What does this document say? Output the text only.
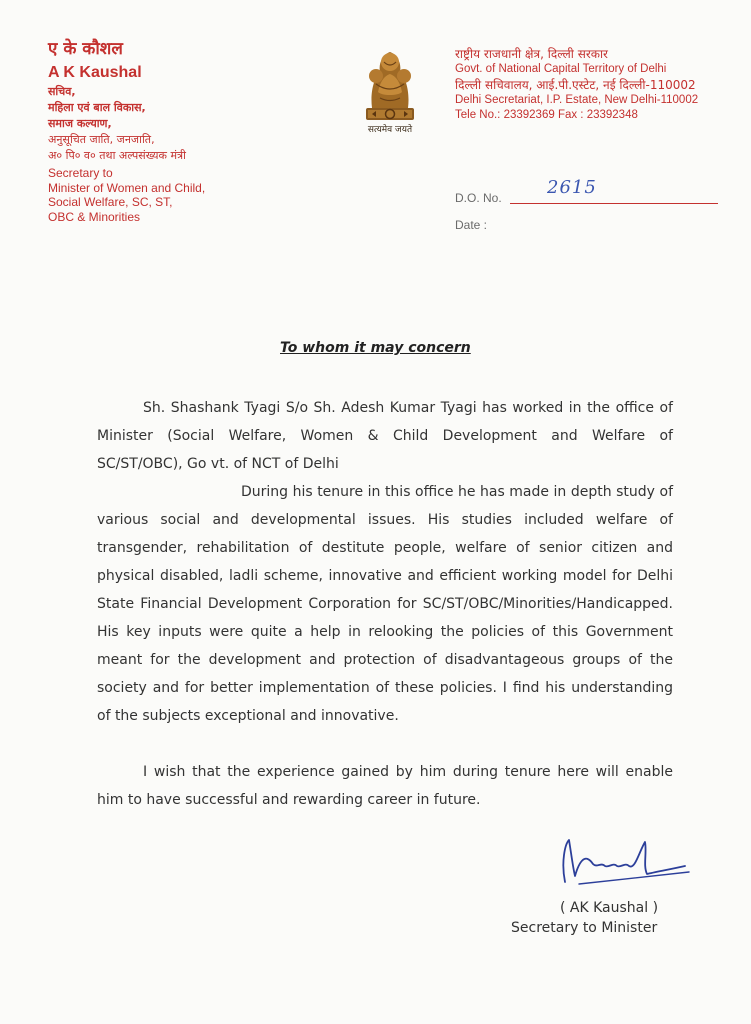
ए के कौशल
A K Kaushal
सचिव,
महिला एवं बाल विकास,
समाज कल्याण,
अनुसूचित जाति, जनजाति,
अ० पि० व० तथा अल्पसंख्यक मंत्री
Secretary to
Minister of Women and Child,
Social Welfare, SC, ST,
OBC & Minorities
सत्यमेव जयते
राष्ट्रीय राजधानी क्षेत्र, दिल्ली सरकार
Govt. of National Capital Territory of Delhi
दिल्ली सचिवालय, आई.पी.एस्टेट, नई दिल्ली-110002
Delhi Secretariat, I.P. Estate, New Delhi-110002
Tele No.: 23392369 Fax : 23392348
D.O. No.	2615
Date :
To whom it may concern

Sh. Shashank Tyagi S/o Sh. Adesh Kumar Tyagi has worked in the office of Minister (Social Welfare, Women & Child Development and Welfare of SC/ST/OBC), Go vt. of NCT of Delhi

During his tenure in this office he has made in depth study of various social and developmental issues. His studies included welfare of transgender, rehabilitation of destitute people, welfare of senior citizen and physical disabled, ladli scheme, innovative and efficient working model for Delhi State Financial Development Corporation for SC/ST/OBC/Minorities/Handicapped. His key inputs were quite a help in relooking the policies of this Government meant for the development and protection of disadvantageous groups of the society and for better implementation of these policies. I find his understanding of the subjects exceptional and innovative.

I wish that the experience gained by him during tenure here will enable him to have successful and rewarding career in future.

( AK Kaushal )
Secretary to Minister
